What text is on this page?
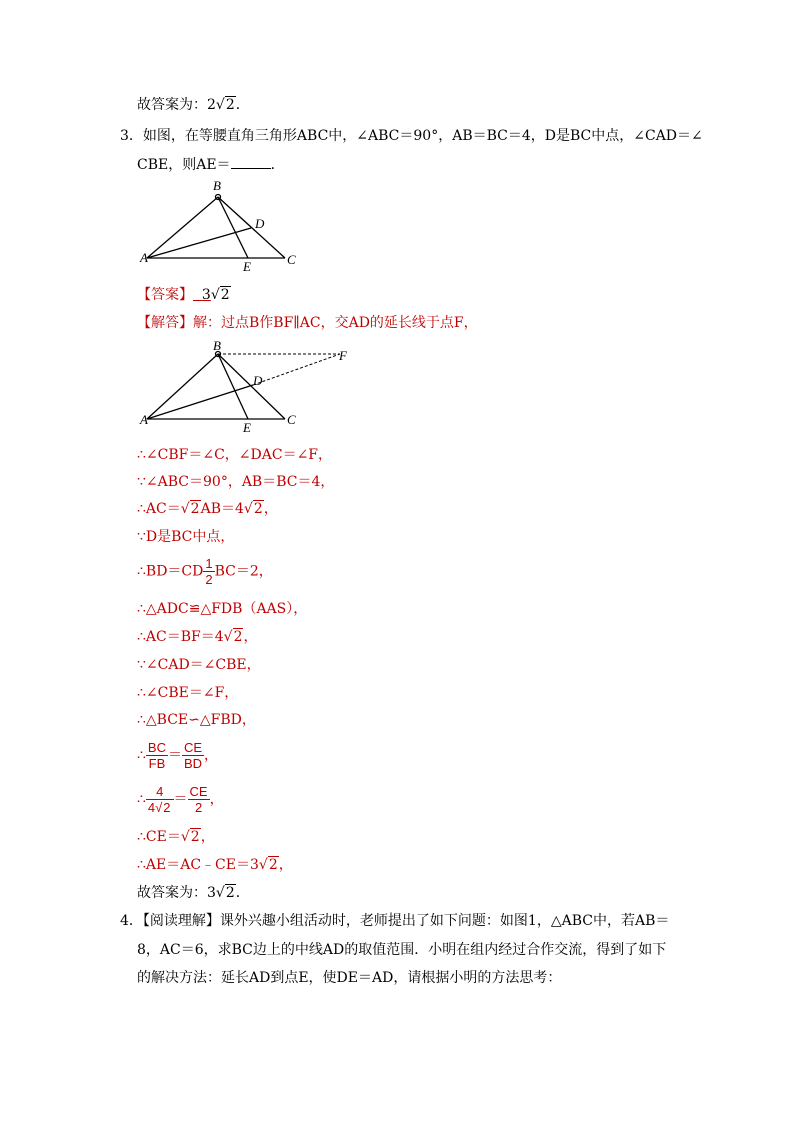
故答案为：2√2．
3．如图，在等腰直角三角形ABC中，∠ABC＝90°，AB＝BC＝4，D是BC中点，∠CAD＝∠
CBE，则AE＝	．
A
B
C
D
E
【答案】 3√2
【解答】解：过点B作BF∥AC，交AD的延长线于点F，
A
B
C
D
E
F
∴∠CBF＝∠C，∠DAC＝∠F，
∵∠ABC＝90°，AB＝BC＝4，
∴AC＝√2AB＝4√2，
∵D是BC中点，
∴BD＝CD $\frac{1}{2} BC=2$，
∴△ADC≌△FDB（AAS），
∴AC＝BF＝4√2，
∵∠CAD＝∠CBE，
∴∠CBE＝∠F，
∴△BCE∽△FBD，
∴ $\frac{BC}{FB} = \frac{CE}{BD}$ ，
∴ $\frac{4}{4√2} = \frac{CE}{2}$ ，
∴CE＝√2，
∴AE＝AC﹣CE＝3√2，
故答案为：3√2．
4．【阅读理解】课外兴趣小组活动时，老师提出了如下问题：如图1，△ABC中，若AB＝
8，AC＝6，求BC边上的中线AD的取值范围．小明在组内经过合作交流，得到了如下
的解决方法：延长AD到点E，使DE＝AD，请根据小明的方法思考：
